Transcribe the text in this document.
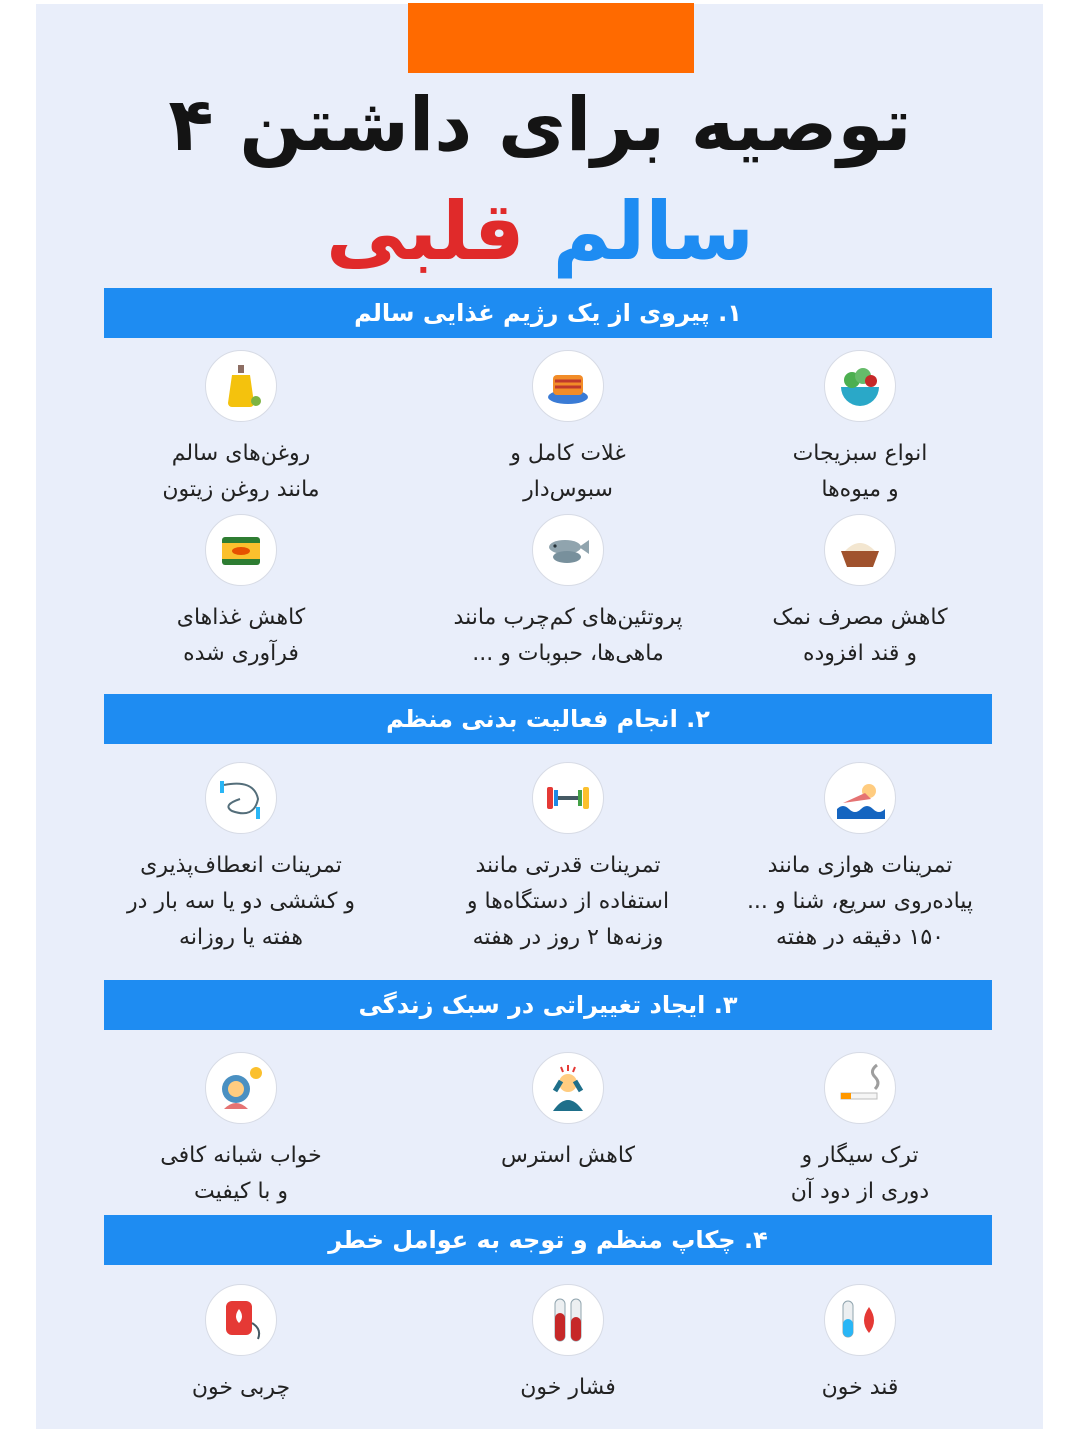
۴ توصیه برای داشتن
سالم قلبی
۱. پیروی از یک رژیم غذایی سالم
انواع سبزیجات
و میوه‌ها
غلات کامل و
سبوس‌دار
روغن‌های سالم
مانند روغن زیتون
کاهش مصرف نمک
و قند افزوده
پروتئین‌های کم‌چرب مانند
ماهی‌ها، حبوبات و ...
کاهش غذاهای
فرآوری شده
۲. انجام فعالیت بدنی منظم
تمرینات هوازی مانند
پیاده‌روی سریع، شنا و ...
۱۵۰ دقیقه در هفته
تمرینات قدرتی مانند
استفاده از دستگاه‌ها و
وزنه‌ها ۲ روز در هفته
تمرینات انعطاف‌پذیری
و کششی دو یا سه بار در
هفته یا روزانه
۳. ایجاد تغییراتی در سبک زندگی
ترک سیگار و
دوری از دود آن
کاهش استرس
خواب شبانه کافی
و با کیفیت
۴. چکاپ منظم و توجه به عوامل خطر
قند خون
فشار خون
چربی خون
